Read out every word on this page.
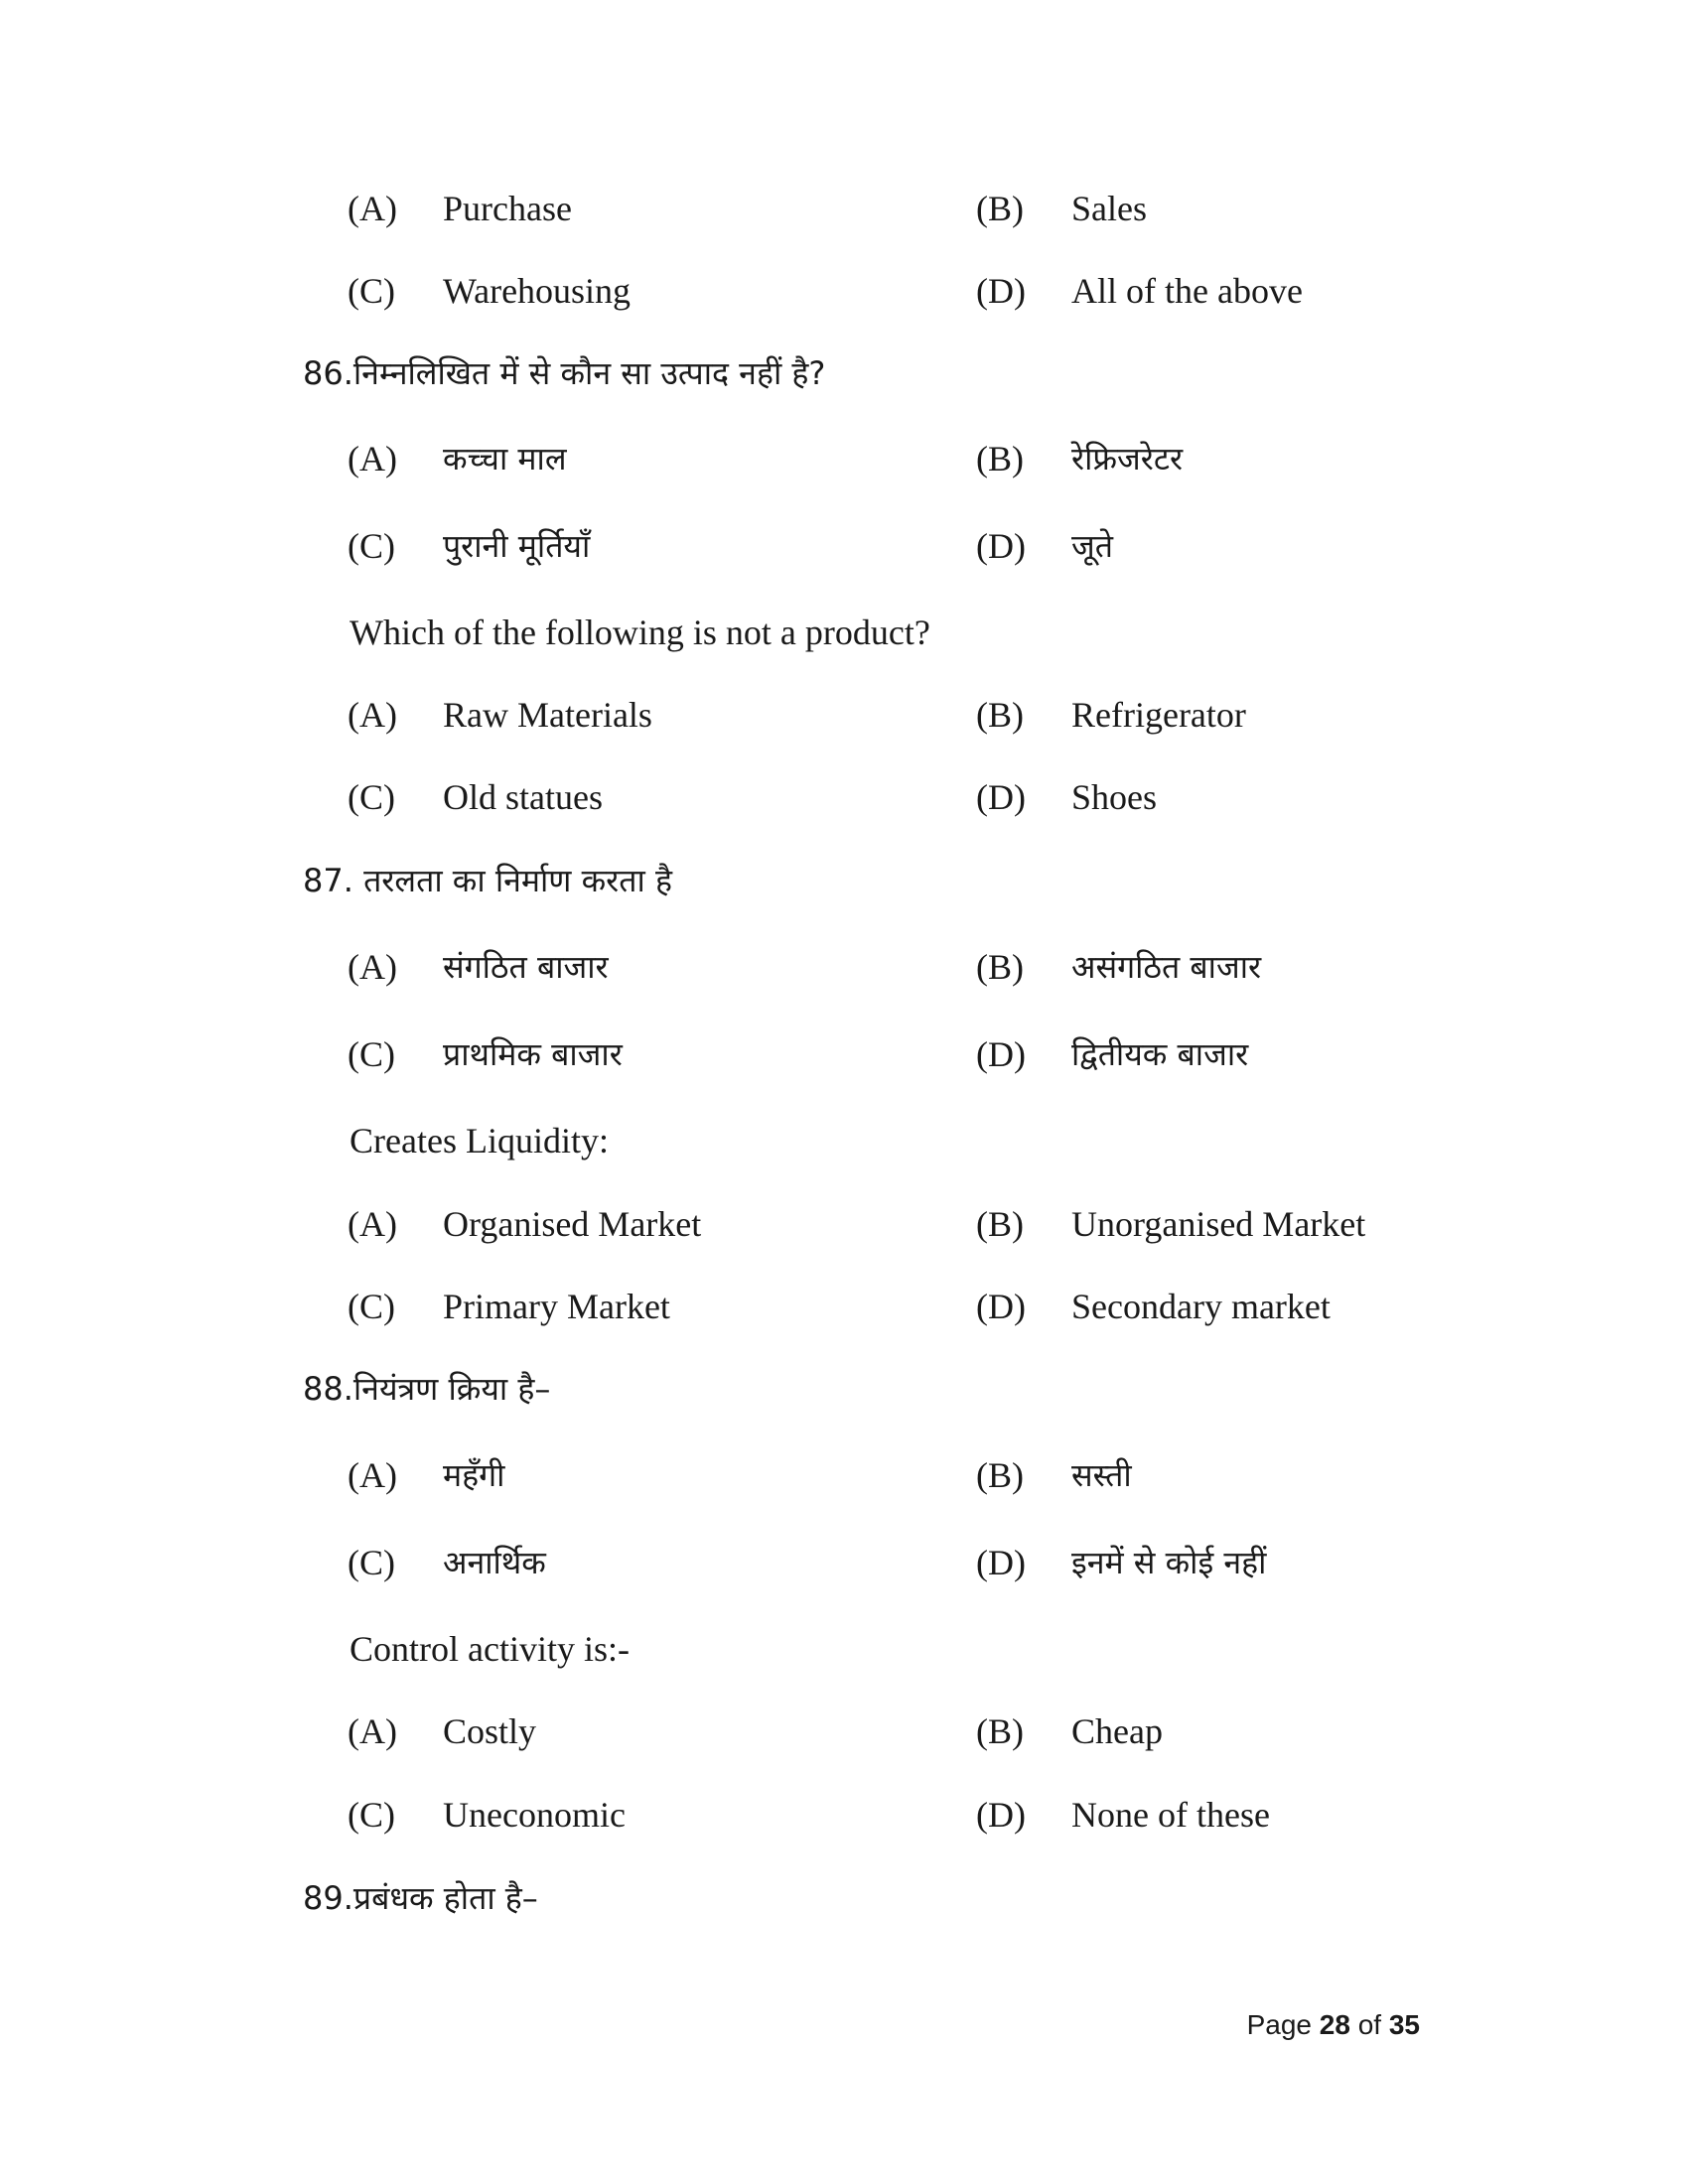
(A) Purchase	(B) Sales
(C) Warehousing	(D) All of the above
86.निम्नलिखित में से कौन सा उत्पाद नहीं है?
(A) कच्चा माल	(B) रेफ्रिजरेटर
(C) पुरानी मूर्तियाँ	(D) जूते
Which of the following is not a product?
(A) Raw Materials	(B) Refrigerator
(C) Old statues	(D) Shoes
87. तरलता का निर्माण करता है
(A) संगठित बाजार	(B) असंगठित बाजार
(C) प्राथमिक बाजार	(D) द्वितीयक बाजार
Creates Liquidity:
(A) Organised Market	(B) Unorganised Market
(C) Primary Market	(D) Secondary market
88.नियंत्रण क्रिया है–
(A) महँगी	(B) सस्ती
(C) अनार्थिक	(D) इनमें से कोई नहीं
Control activity is:-
(A) Costly	(B) Cheap
(C) Uneconomic	(D) None of these
89.प्रबंधक होता है–
Page 28 of 35
